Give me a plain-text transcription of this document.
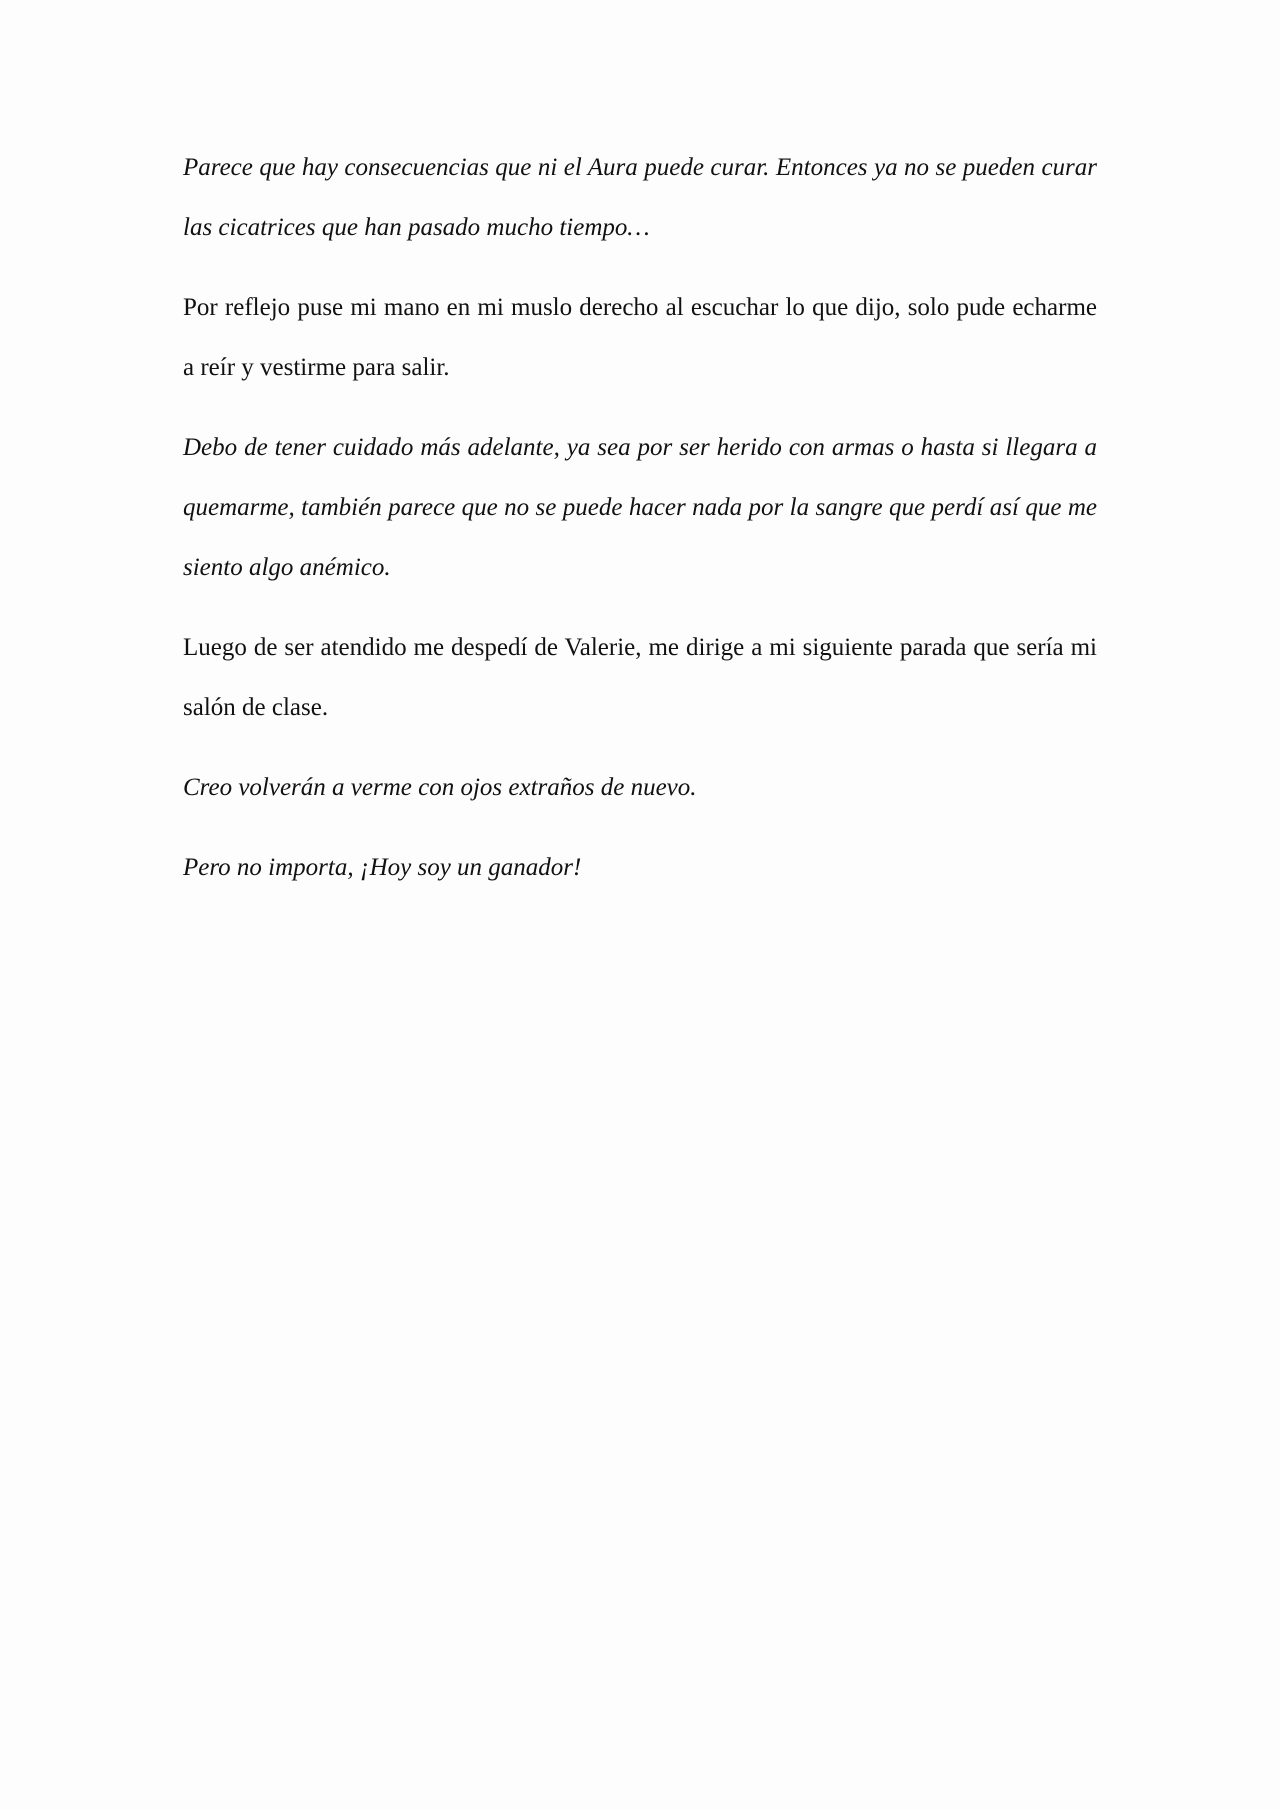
Parece que hay consecuencias que ni el Aura puede curar. Entonces ya no se pueden curar las cicatrices que han pasado mucho tiempo…

Por reflejo puse mi mano en mi muslo derecho al escuchar lo que dijo, solo pude echarme a reír y vestirme para salir.

Debo de tener cuidado más adelante, ya sea por ser herido con armas o hasta si llegara a quemarme, también parece que no se puede hacer nada por la sangre que perdí así que me siento algo anémico.

Luego de ser atendido me despedí de Valerie, me dirige a mi siguiente parada que sería mi salón de clase.

Creo volverán a verme con ojos extraños de nuevo.

Pero no importa, ¡Hoy soy un ganador!
